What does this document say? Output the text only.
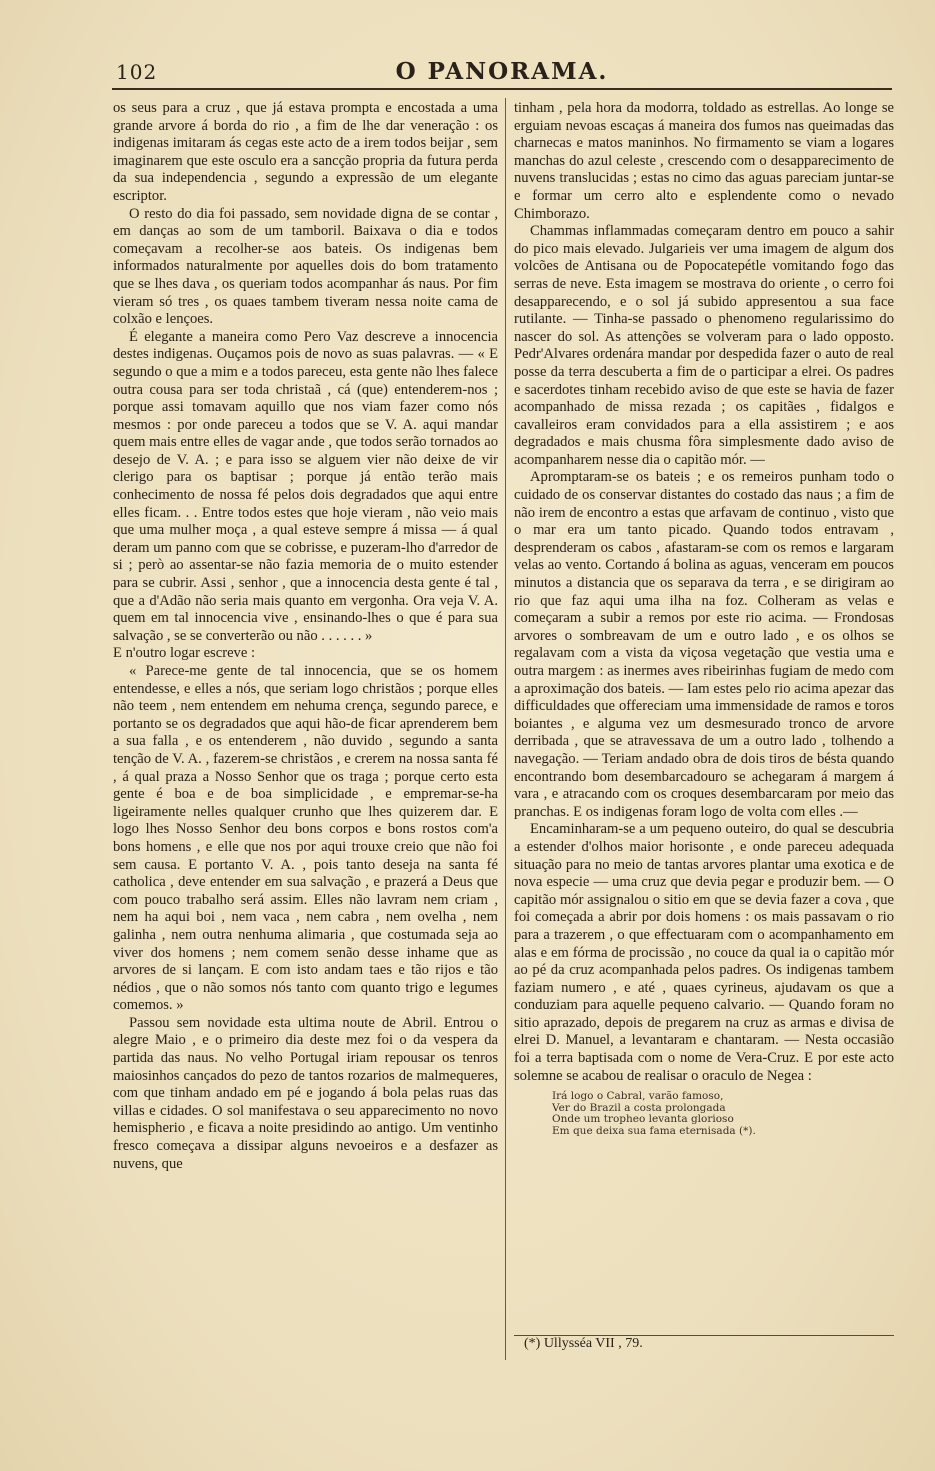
102	O PANORAMA.

os seus para a cruz , que já estava prompta e encostada a uma grande arvore á borda do rio , a fim de lhe dar veneração : os indigenas imitaram ás cegas este acto de a irem todos beijar , sem imaginarem que este osculo era a sancção propria da futura perda da sua independencia , segundo a expressão de um elegante escriptor.

O resto do dia foi passado, sem novidade digna de se contar , em danças ao som de um tamboril. Baixava o dia e todos começavam a recolher-se aos bateis. Os indigenas bem informados naturalmente por aquelles dois do bom tratamento que se lhes dava , os queriam todos acompanhar ás naus. Por fim vieram só tres , os quaes tambem tiveram nessa noite cama de colxão e lençoes.

É elegante a maneira como Pero Vaz descreve a innocencia destes indigenas. Ouçamos pois de novo as suas palavras. — « E segundo o que a mim e a todos pareceu, esta gente não lhes falece outra cousa para ser toda christaã , cá (que) entenderem-nos ; porque assi tomavam aquillo que nos viam fazer como nós mesmos : por onde pareceu a todos que se V. A. aqui mandar quem mais entre elles de vagar ande , que todos serão tornados ao desejo de V. A. ; e para isso se alguem vier não deixe de vir clerigo para os baptisar ; porque já então terão mais conhecimento de nossa fé pelos dois degradados que aqui entre elles ficam. . . Entre todos estes que hoje vieram , não veio mais que uma mulher moça , a qual esteve sempre á missa — á qual deram um panno com que se cobrisse, e puzeram-lho d'arredor de si ; però ao assentar-se não fazia memoria de o muito estender para se cubrir. Assi , senhor , que a innocencia desta gente é tal , que a d'Adão não seria mais quanto em vergonha. Ora veja V. A. quem em tal innocencia vive , ensinando-lhes o que é para sua salvação , se se converterão ou não . . . . . . »

E n'outro logar escreve :

« Parece-me gente de tal innocencia, que se os homem entendesse, e elles a nós, que seriam logo christãos ; porque elles não teem , nem entendem em nehuma crença, segundo parece, e portanto se os degradados que aqui hão-de ficar aprenderem bem a sua falla , e os entenderem , não duvido , segundo a santa tenção de V. A. , fazerem-se christãos , e crerem na nossa santa fé , á qual praza a Nosso Senhor que os traga ; porque certo esta gente é boa e de boa simplicidade , e empremar-se-ha ligeiramente nelles qualquer crunho que lhes quizerem dar. E logo lhes Nosso Senhor deu bons corpos e bons rostos com'a bons homens , e elle que nos por aqui trouxe creio que não foi sem causa. E portanto V. A. , pois tanto deseja na santa fé catholica , deve entender em sua salvação , e prazerá a Deus que com pouco trabalho será assim. Elles não lavram nem criam , nem ha aqui boi , nem vaca , nem cabra , nem ovelha , nem galinha , nem outra nenhuma alimaria , que costumada seja ao viver dos homens ; nem comem senão desse inhame que as arvores de si lançam. E com isto andam taes e tão rijos e tão nédios , que o não somos nós tanto com quanto trigo e legumes comemos. »

Passou sem novidade esta ultima noute de Abril. Entrou o alegre Maio , e o primeiro dia deste mez foi o da vespera da partida das naus. No velho Portugal iriam repousar os tenros maiosinhos cançados do pezo de tantos rozarios de malmequeres, com que tinham andado em pé e jogando á bola pelas ruas das villas e cidades. O sol manifestava o seu apparecimento no novo hemispherio , e ficava a noite presidindo ao antigo. Um ventinho fresco começava a dissipar alguns nevoeiros e a desfazer as nuvens, que

tinham , pela hora da modorra, toldado as estrellas. Ao longe se erguiam nevoas escaças á maneira dos fumos nas queimadas das charnecas e matos maninhos. No firmamento se viam a logares manchas do azul celeste , crescendo com o desapparecimento de nuvens translucidas ; estas no cimo das aguas pareciam juntar-se e formar um cerro alto e esplendente como o nevado Chimborazo.

Chammas inflammadas começaram dentro em pouco a sahir do pico mais elevado. Julgarieis ver uma imagem de algum dos volcões de Antisana ou de Popocatepétle vomitando fogo das serras de neve. Esta imagem se mostrava do oriente , o cerro foi desapparecendo, e o sol já subido appresentou a sua face rutilante. — Tinha-se passado o phenomeno regularissimo do nascer do sol. As attenções se volveram para o lado opposto. Pedr'Alvares ordenára mandar por despedida fazer o auto de real posse da terra descuberta a fim de o participar a elrei. Os padres e sacerdotes tinham recebido aviso de que este se havia de fazer acompanhado de missa rezada ; os capitães , fidalgos e cavalleiros eram convidados para a ella assistirem ; e aos degradados e mais chusma fôra simplesmente dado aviso de acompanharem nesse dia o capitão mór. —

Apromptaram-se os bateis ; e os remeiros punham todo o cuidado de os conservar distantes do costado das naus ; a fim de não irem de encontro a estas que arfavam de continuo , visto que o mar era um tanto picado. Quando todos entravam , desprenderam os cabos , afastaram-se com os remos e largaram velas ao vento. Cortando á bolina as aguas, venceram em poucos minutos a distancia que os separava da terra , e se dirigiram ao rio que faz aqui uma ilha na foz. Colheram as velas e começaram a subir a remos por este rio acima. — Frondosas arvores o sombreavam de um e outro lado , e os olhos se regalavam com a vista da viçosa vegetação que vestia uma e outra margem : as inermes aves ribeirinhas fugiam de medo com a aproximação dos bateis. — Iam estes pelo rio acima apezar das difficuldades que offereciam uma immensidade de ramos e toros boiantes , e alguma vez um desmesurado tronco de arvore derribada , que se atravessava de um a outro lado , tolhendo a navegação. — Teriam andado obra de dois tiros de bésta quando encontrando bom desembarcadouro se achegaram á margem á vara , e atracando com os croques desembarcaram por meio das pranchas. E os indigenas foram logo de volta com elles .—

Encaminharam-se a um pequeno outeiro, do qual se descubria a estender d'olhos maior horisonte , e onde pareceu adequada situação para no meio de tantas arvores plantar uma exotica e de nova especie — uma cruz que devia pegar e produzir bem. — O capitão mór assignalou o sitio em que se devia fazer a cova , que foi começada a abrir por dois homens : os mais passavam o rio para a trazerem , o que effectuaram com o acompanhamento em alas e em fórma de procissão , no couce da qual ia o capitão mór ao pé da cruz acompanhada pelos padres. Os indigenas tambem faziam numero , e até , quaes cyrineus, ajudavam os que a conduziam para aquelle pequeno calvario. — Quando foram no sitio aprazado, depois de pregarem na cruz as armas e divisa de elrei D. Manuel, a levantaram e chantaram. — Nesta occasião foi a terra baptisada com o nome de Vera-Cruz. E por este acto solemne se acabou de realisar o oraculo de Negea :

Irá logo o Cabral, varão famoso,
Ver do Brazil a costa prolongada
Onde um tropheo levanta glorioso
Em que deixa sua fama eternisada (*).
(*) Ullysséa VII , 79.
